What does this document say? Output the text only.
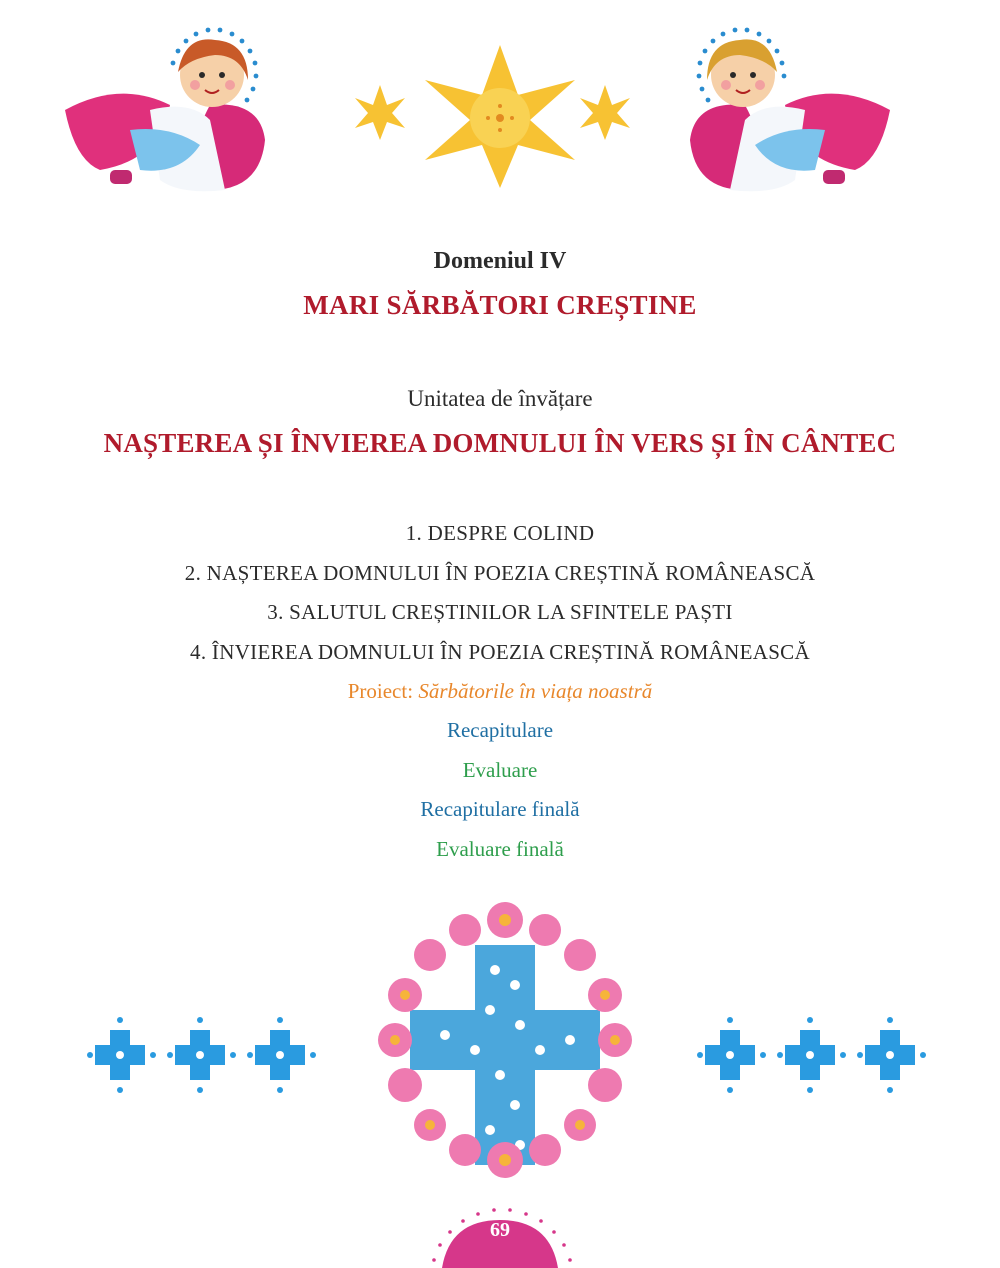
Domeniul IV
MARI SĂRBĂTORI CREȘTINE
Unitatea de învățare
NAȘTEREA ȘI ÎNVIEREA DOMNULUI ÎN VERS ȘI ÎN CÂNTEC
1. DESPRE COLIND
2. NAȘTEREA DOMNULUI ÎN POEZIA CREȘTINĂ ROMÂNEASCĂ
3. SALUTUL CREȘTINILOR LA SFINTELE PAȘTI
4. ÎNVIEREA DOMNULUI ÎN POEZIA CREȘTINĂ ROMÂNEASCĂ
Proiect: Sărbătorile în viața noastră
Recapitulare
Evaluare
Recapitulare finală
Evaluare finală
69
